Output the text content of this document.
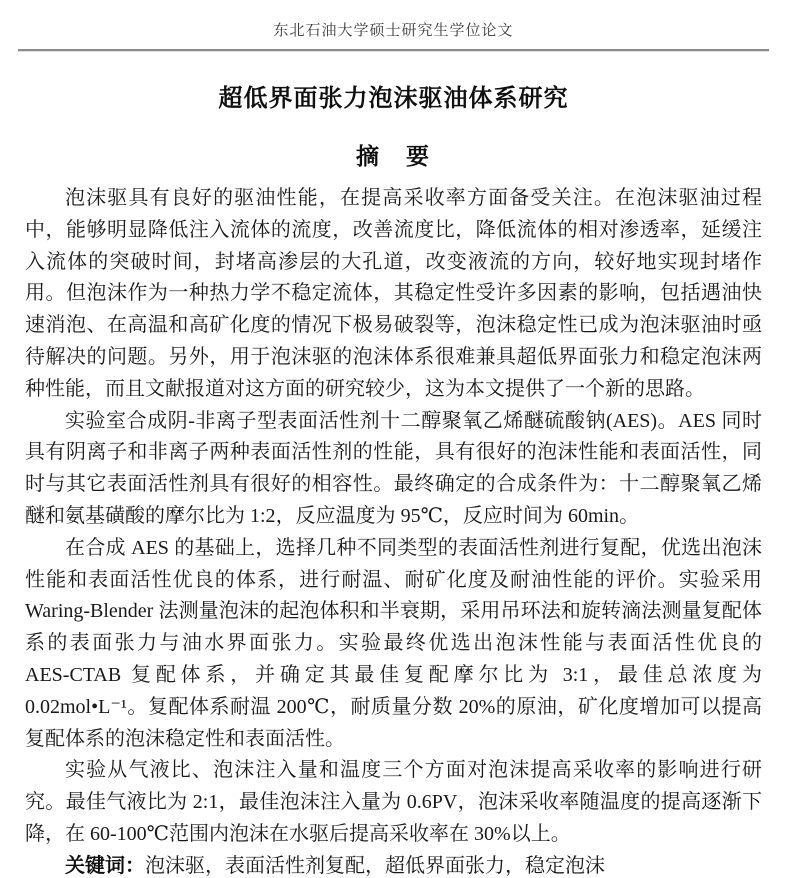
东北石油大学硕士研究生学位论文
超低界面张力泡沫驱油体系研究
摘　要

泡沫驱具有良好的驱油性能，在提高采收率方面备受关注。在泡沫驱油过程中，能够明显降低注入流体的流度，改善流度比，降低流体的相对渗透率，延缓注入流体的突破时间，封堵高渗层的大孔道，改变液流的方向，较好地实现封堵作用。但泡沫作为一种热力学不稳定流体，其稳定性受许多因素的影响，包括遇油快速消泡、在高温和高矿化度的情况下极易破裂等，泡沫稳定性已成为泡沫驱油时亟待解决的问题。另外，用于泡沫驱的泡沫体系很难兼具超低界面张力和稳定泡沫两种性能，而且文献报道对这方面的研究较少，这为本文提供了一个新的思路。

实验室合成阴-非离子型表面活性剂十二醇聚氧乙烯醚硫酸钠(AES)。AES 同时具有阴离子和非离子两种表面活性剂的性能，具有很好的泡沫性能和表面活性，同时与其它表面活性剂具有很好的相容性。最终确定的合成条件为：十二醇聚氧乙烯醚和氨基磺酸的摩尔比为 1:2，反应温度为 95℃，反应时间为 60min。

在合成 AES 的基础上，选择几种不同类型的表面活性剂进行复配，优选出泡沫性能和表面活性优良的体系，进行耐温、耐矿化度及耐油性能的评价。实验采用 Waring-Blender 法测量泡沫的起泡体积和半衰期，采用吊环法和旋转滴法测量复配体系的表面张力与油水界面张力。实验最终优选出泡沫性能与表面活性优良的 AES-CTAB 复配体系，并确定其最佳复配摩尔比为 3:1，最佳总浓度为 0.02mol•L⁻¹。复配体系耐温 200℃，耐质量分数 20%的原油，矿化度增加可以提高复配体系的泡沫稳定性和表面活性。

实验从气液比、泡沫注入量和温度三个方面对泡沫提高采收率的影响进行研究。最佳气液比为 2:1，最佳泡沫注入量为 0.6PV，泡沫采收率随温度的提高逐渐下降，在 60-100℃范围内泡沫在水驱后提高采收率在 30%以上。

关键词：泡沫驱，表面活性剂复配，超低界面张力，稳定泡沫
